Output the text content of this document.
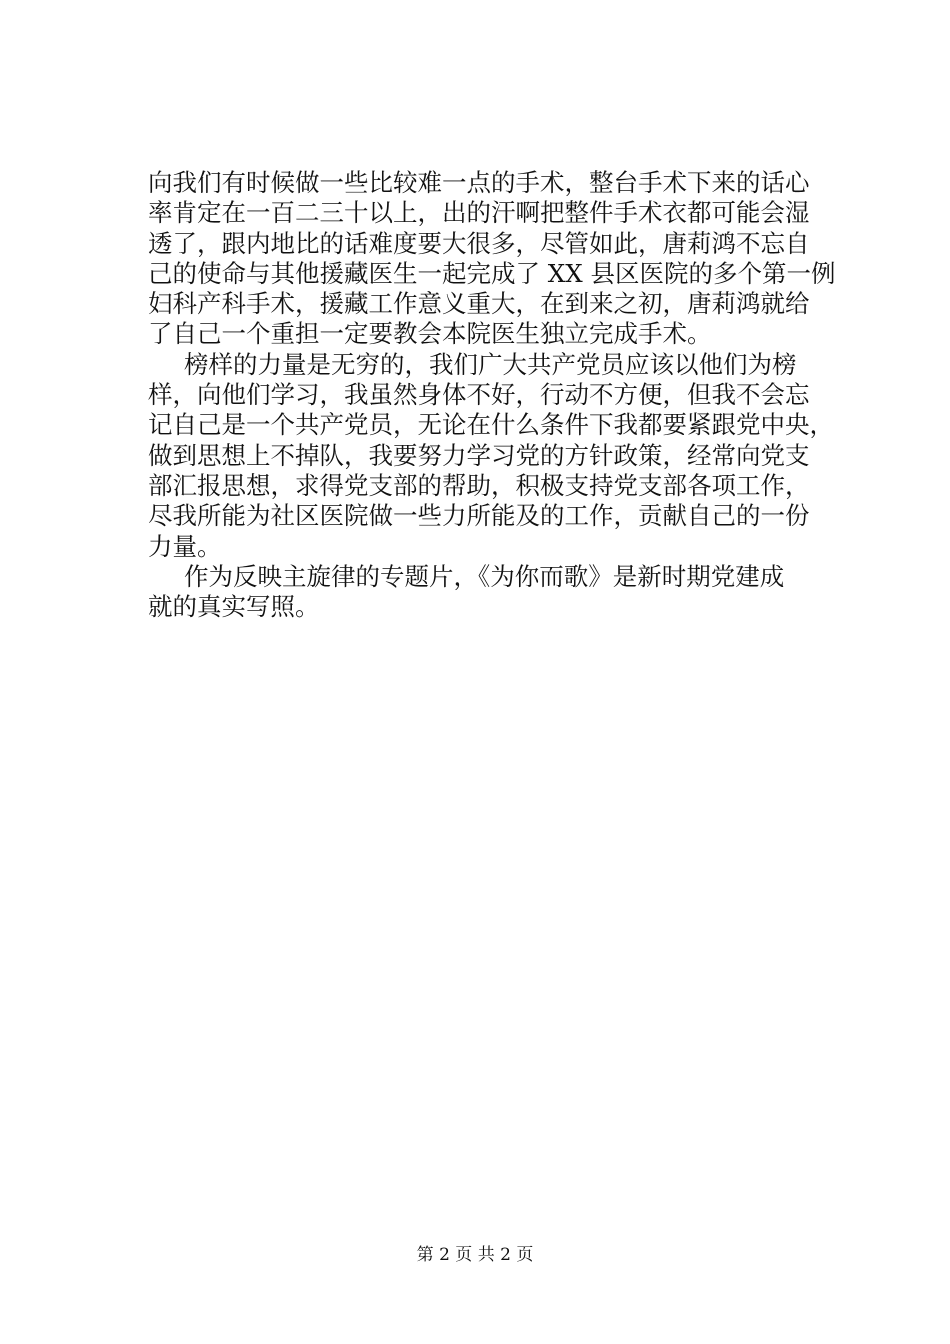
向我们有时候做一些比较难一点的手术，整台手术下来的话心
率肯定在一百二三十以上，出的汗啊把整件手术衣都可能会湿
透了，跟内地比的话难度要大很多，尽管如此，唐莉鸿不忘自
己的使命与其他援藏医生一起完成了 XX 县区医院的多个第一例
妇科产科手术，援藏工作意义重大，在到来之初，唐莉鸿就给
了自己一个重担一定要教会本院医生独立完成手术。
榜样的力量是无穷的，我们广大共产党员应该以他们为榜
样，向他们学习，我虽然身体不好，行动不方便，但我不会忘
记自己是一个共产党员，无论在什么条件下我都要紧跟党中央，
做到思想上不掉队，我要努力学习党的方针政策，经常向党支
部汇报思想，求得党支部的帮助，积极支持党支部各项工作，
尽我所能为社区医院做一些力所能及的工作，贡献自己的一份
力量。
作为反映主旋律的专题片，《为你而歌》是新时期党建成
就的真实写照。
第 2 页 共 2 页
